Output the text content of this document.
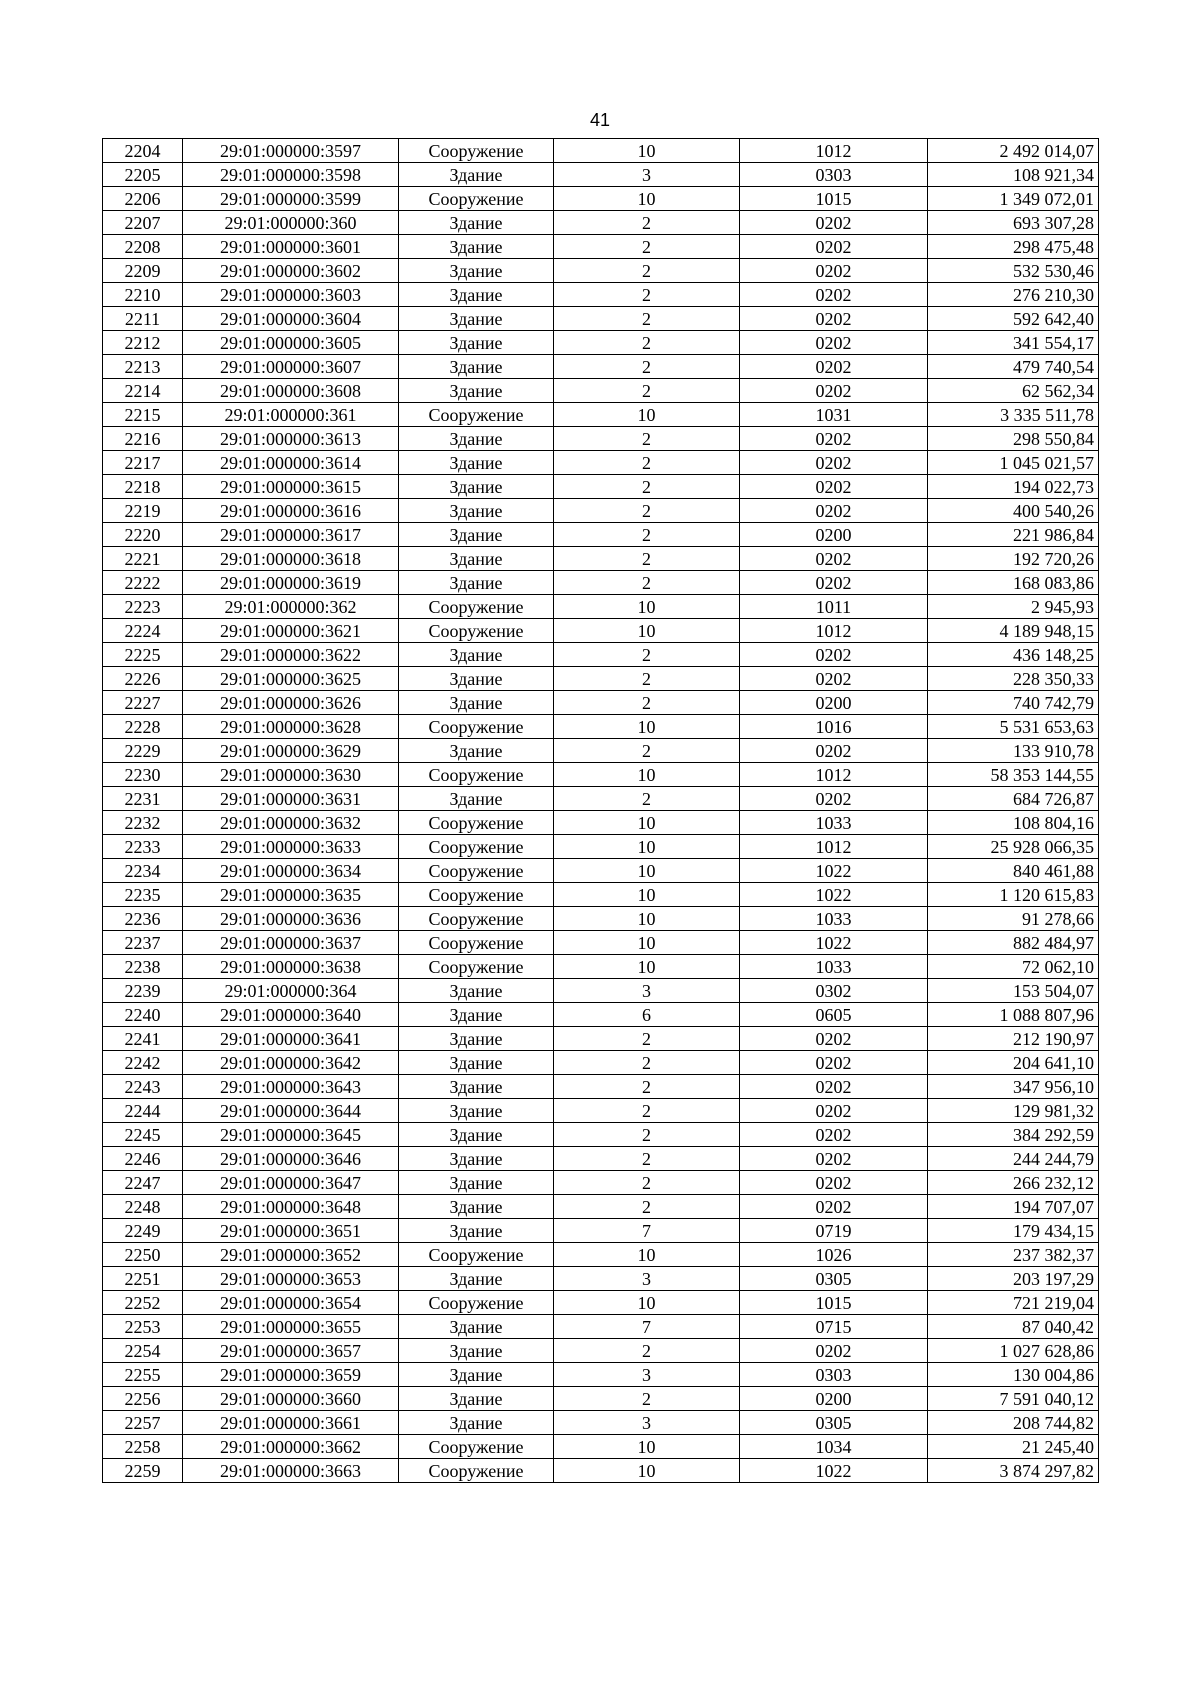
41
2204	29:01:000000:3597	Сооружение	10	1012	2 492 014,07
2205	29:01:000000:3598	Здание	3	0303	108 921,34
2206	29:01:000000:3599	Сооружение	10	1015	1 349 072,01
2207	29:01:000000:360	Здание	2	0202	693 307,28
2208	29:01:000000:3601	Здание	2	0202	298 475,48
2209	29:01:000000:3602	Здание	2	0202	532 530,46
2210	29:01:000000:3603	Здание	2	0202	276 210,30
2211	29:01:000000:3604	Здание	2	0202	592 642,40
2212	29:01:000000:3605	Здание	2	0202	341 554,17
2213	29:01:000000:3607	Здание	2	0202	479 740,54
2214	29:01:000000:3608	Здание	2	0202	62 562,34
2215	29:01:000000:361	Сооружение	10	1031	3 335 511,78
2216	29:01:000000:3613	Здание	2	0202	298 550,84
2217	29:01:000000:3614	Здание	2	0202	1 045 021,57
2218	29:01:000000:3615	Здание	2	0202	194 022,73
2219	29:01:000000:3616	Здание	2	0202	400 540,26
2220	29:01:000000:3617	Здание	2	0200	221 986,84
2221	29:01:000000:3618	Здание	2	0202	192 720,26
2222	29:01:000000:3619	Здание	2	0202	168 083,86
2223	29:01:000000:362	Сооружение	10	1011	2 945,93
2224	29:01:000000:3621	Сооружение	10	1012	4 189 948,15
2225	29:01:000000:3622	Здание	2	0202	436 148,25
2226	29:01:000000:3625	Здание	2	0202	228 350,33
2227	29:01:000000:3626	Здание	2	0200	740 742,79
2228	29:01:000000:3628	Сооружение	10	1016	5 531 653,63
2229	29:01:000000:3629	Здание	2	0202	133 910,78
2230	29:01:000000:3630	Сооружение	10	1012	58 353 144,55
2231	29:01:000000:3631	Здание	2	0202	684 726,87
2232	29:01:000000:3632	Сооружение	10	1033	108 804,16
2233	29:01:000000:3633	Сооружение	10	1012	25 928 066,35
2234	29:01:000000:3634	Сооружение	10	1022	840 461,88
2235	29:01:000000:3635	Сооружение	10	1022	1 120 615,83
2236	29:01:000000:3636	Сооружение	10	1033	91 278,66
2237	29:01:000000:3637	Сооружение	10	1022	882 484,97
2238	29:01:000000:3638	Сооружение	10	1033	72 062,10
2239	29:01:000000:364	Здание	3	0302	153 504,07
2240	29:01:000000:3640	Здание	6	0605	1 088 807,96
2241	29:01:000000:3641	Здание	2	0202	212 190,97
2242	29:01:000000:3642	Здание	2	0202	204 641,10
2243	29:01:000000:3643	Здание	2	0202	347 956,10
2244	29:01:000000:3644	Здание	2	0202	129 981,32
2245	29:01:000000:3645	Здание	2	0202	384 292,59
2246	29:01:000000:3646	Здание	2	0202	244 244,79
2247	29:01:000000:3647	Здание	2	0202	266 232,12
2248	29:01:000000:3648	Здание	2	0202	194 707,07
2249	29:01:000000:3651	Здание	7	0719	179 434,15
2250	29:01:000000:3652	Сооружение	10	1026	237 382,37
2251	29:01:000000:3653	Здание	3	0305	203 197,29
2252	29:01:000000:3654	Сооружение	10	1015	721 219,04
2253	29:01:000000:3655	Здание	7	0715	87 040,42
2254	29:01:000000:3657	Здание	2	0202	1 027 628,86
2255	29:01:000000:3659	Здание	3	0303	130 004,86
2256	29:01:000000:3660	Здание	2	0200	7 591 040,12
2257	29:01:000000:3661	Здание	3	0305	208 744,82
2258	29:01:000000:3662	Сооружение	10	1034	21 245,40
2259	29:01:000000:3663	Сооружение	10	1022	3 874 297,82
